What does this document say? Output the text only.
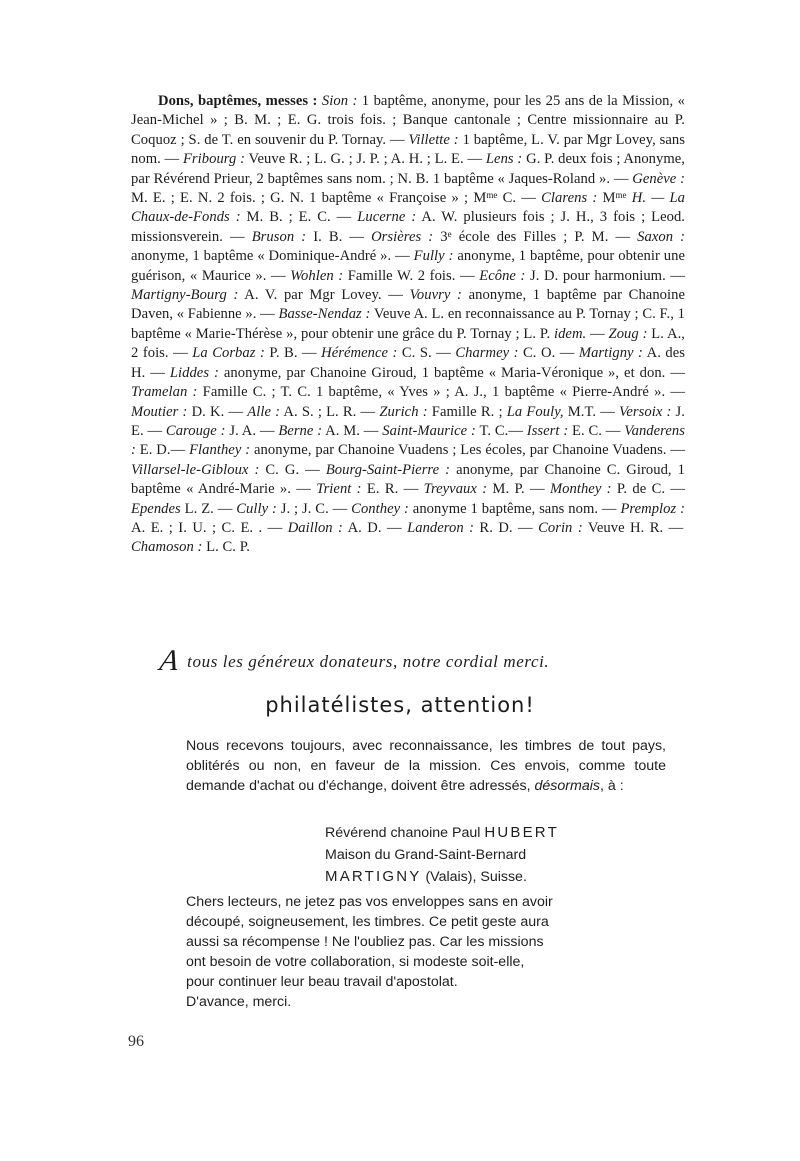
Dons, baptêmes, messes : Sion : 1 baptême, anonyme, pour les 25 ans de la Mission, « Jean-Michel » ; B. M. ; E. G. trois fois. ; Banque cantonale ; Centre missionnaire au P. Coquoz ; S. de T. en souvenir du P. Tornay. — Villette : 1 baptême, L. V. par Mgr Lovey, sans nom. — Fribourg : Veuve R. ; L. G. ; J. P. ; A. H. ; L. E. — Lens : G. P. deux fois ; Anonyme, par Révérend Prieur, 2 baptêmes sans nom. ; N. B. 1 baptême « Jaques-Roland ». — Genève : M. E. ; E. N. 2 fois. ; G. N. 1 baptême « Françoise » ; $M^{me}$ C. — Clarens : $M^{me}$ H. — La Chaux-de-Fonds : M. B. ; E. C. — Lucerne : A. W. plusieurs fois ; J. H., 3 fois ; Leod. missionsverein. — Bruson : I. B. — Orsières : 3e école des Filles ; P. M. — Saxon : anonyme, 1 baptême « Dominique-André ». — Fully : anonyme, 1 baptême, pour obtenir une guérison, « Maurice ». — Wohlen : Famille W. 2 fois. — Ecône : J. D. pour harmonium. — Martigny-Bourg : A. V. par Mgr Lovey. — Vouvry : anonyme, 1 baptême par Chanoine Daven, « Fabienne ». — Basse-Nendaz : Veuve A. L. en reconnaissance au P. Tornay ; C. F., 1 baptême « Marie-Thérèse », pour obtenir une grâce du P. Tornay ; L. P. idem. — Zoug : L. A., 2 fois. — La Corbaz : P. B. — Hérémence : C. S. — Charmey : C. O. — Martigny : A. des H. — Liddes : anonyme, par Chanoine Giroud, 1 baptême « Maria-Véronique », et don. — Tramelan : Famille C. ; T. C. 1 baptême, « Yves » ; A. J., 1 baptême « Pierre-André ». — Moutier : D. K. — Alle : A. S. ; L. R. — Zurich : Famille R. ; La Fouly, M.T. — Versoix : J. E. — Carouge : J. A. — Berne : A. M. — Saint-Maurice : T. C.— Issert : E. C. — Vanderens : E. D.— Flanthey : anonyme, par Chanoine Vuadens ; Les écoles, par Chanoine Vuadens. — Villarsel-le-Gibloux : C. G. — Bourg-Saint-Pierre : anonyme, par Chanoine C. Giroud, 1 baptême « André-Marie ». — Trient : E. R. — Treyvaux : M. P. — Monthey : P. de C. — Ependes L. Z. — Cully : J. ; J. C. — Conthey : anonyme 1 baptême, sans nom. — Premploz : A. E. ; I. U. ; C. E. . — Daillon : A. D. — Landeron : R. D. — Corin : Veuve H. R. — Chamoson : L. C. P.

A tous les généreux donateurs, notre cordial merci.

philatélistes, attention!

Nous recevons toujours, avec reconnaissance, les timbres de tout pays, oblitérés ou non, en faveur de la mission. Ces envois, comme toute demande d'achat ou d'échange, doivent être adressés, désormais, à :

Révérend chanoine Paul HUBERT
Maison du Grand-Saint-Bernard
MARTIGNY (Valais), Suisse.

Chers lecteurs, ne jetez pas vos enveloppes sans en avoir
découpé, soigneusement, les timbres. Ce petit geste aura
aussi sa récompense ! Ne l'oubliez pas. Car les missions
ont besoin de votre collaboration, si modeste soit-elle,
pour continuer leur beau travail d'apostolat.
D'avance, merci.

96
